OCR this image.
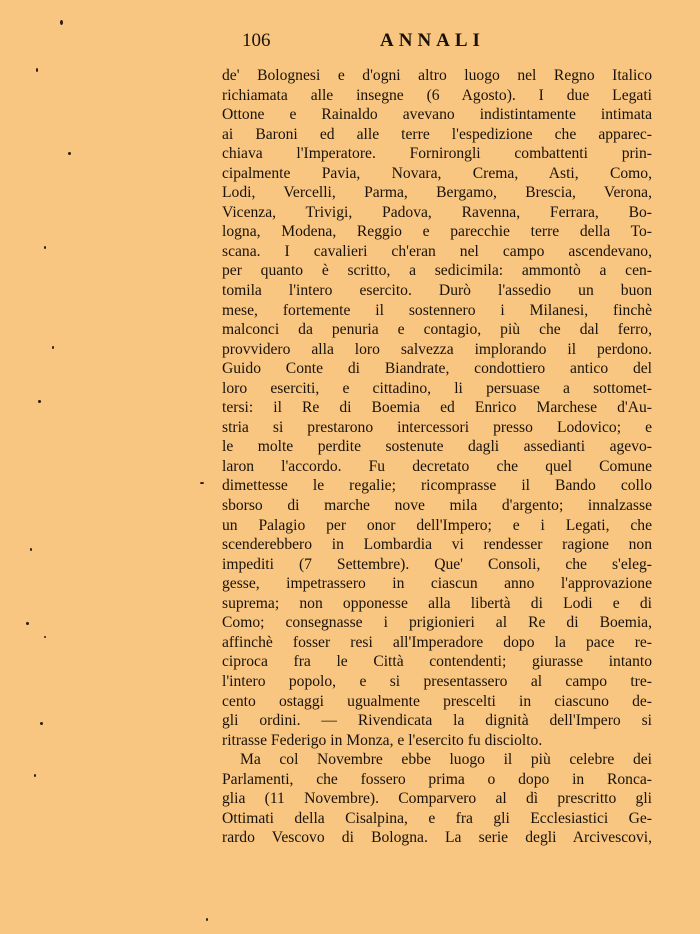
106	ANNALI
de' Bolognesi e d'ogni altro luogo nel Regno Italico
richiamata alle insegne (6 Agosto). I due Legati
Ottone e Rainaldo avevano indistintamente intimata
ai Baroni ed alle terre l'espedizione che apparec-
chiava l'Imperatore. Fornirongli combattenti prin-
cipalmente Pavia, Novara, Crema, Asti, Como,
Lodi, Vercelli, Parma, Bergamo, Brescia, Verona,
Vicenza, Trivigi, Padova, Ravenna, Ferrara, Bo-
logna, Modena, Reggio e parecchie terre della To-
scana. I cavalieri ch'eran nel campo ascendevano,
per quanto è scritto, a sedicimila: ammontò a cen-
tomila l'intero esercito. Durò l'assedio un buon
mese, fortemente il sostennero i Milanesi, finchè
malconci da penuria e contagio, più che dal ferro,
provvidero alla loro salvezza implorando il perdono.
Guido Conte di Biandrate, condottiero antico del
loro eserciti, e cittadino, li persuase a sottomet-
tersi: il Re di Boemia ed Enrico Marchese d'Au-
stria si prestarono intercessori presso Lodovico; e
le molte perdite sostenute dagli assedianti agevo-
laron l'accordo. Fu decretato che quel Comune
dimettesse le regalie; ricomprasse il Bando collo
sborso di marche nove mila d'argento; innalzasse
un Palagio per onor dell'Impero; e i Legati, che
scenderebbero in Lombardia vi rendesser ragione non
impediti (7 Settembre). Que' Consoli, che s'eleg-
gesse, impetrassero in ciascun anno l'approvazione
suprema; non opponesse alla libertà di Lodi e di
Como; consegnasse i prigionieri al Re di Boemia,
affinchè fosser resi all'Imperadore dopo la pace re-
ciproca fra le Città contendenti; giurasse intanto
l'intero popolo, e si presentassero al campo tre-
cento ostaggi ugualmente prescelti in ciascuno de-
gli ordini. — Rivendicata la dignità dell'Impero si
ritrasse Federigo in Monza, e l'esercito fu disciolto.
Ma col Novembre ebbe luogo il più celebre dei
Parlamenti, che fossero prima o dopo in Ronca-
glia (11 Novembre). Comparvero al dì prescritto gli
Ottimati della Cisalpina, e fra gli Ecclesiastici Ge-
rardo Vescovo di Bologna. La serie degli Arcivescovi,
